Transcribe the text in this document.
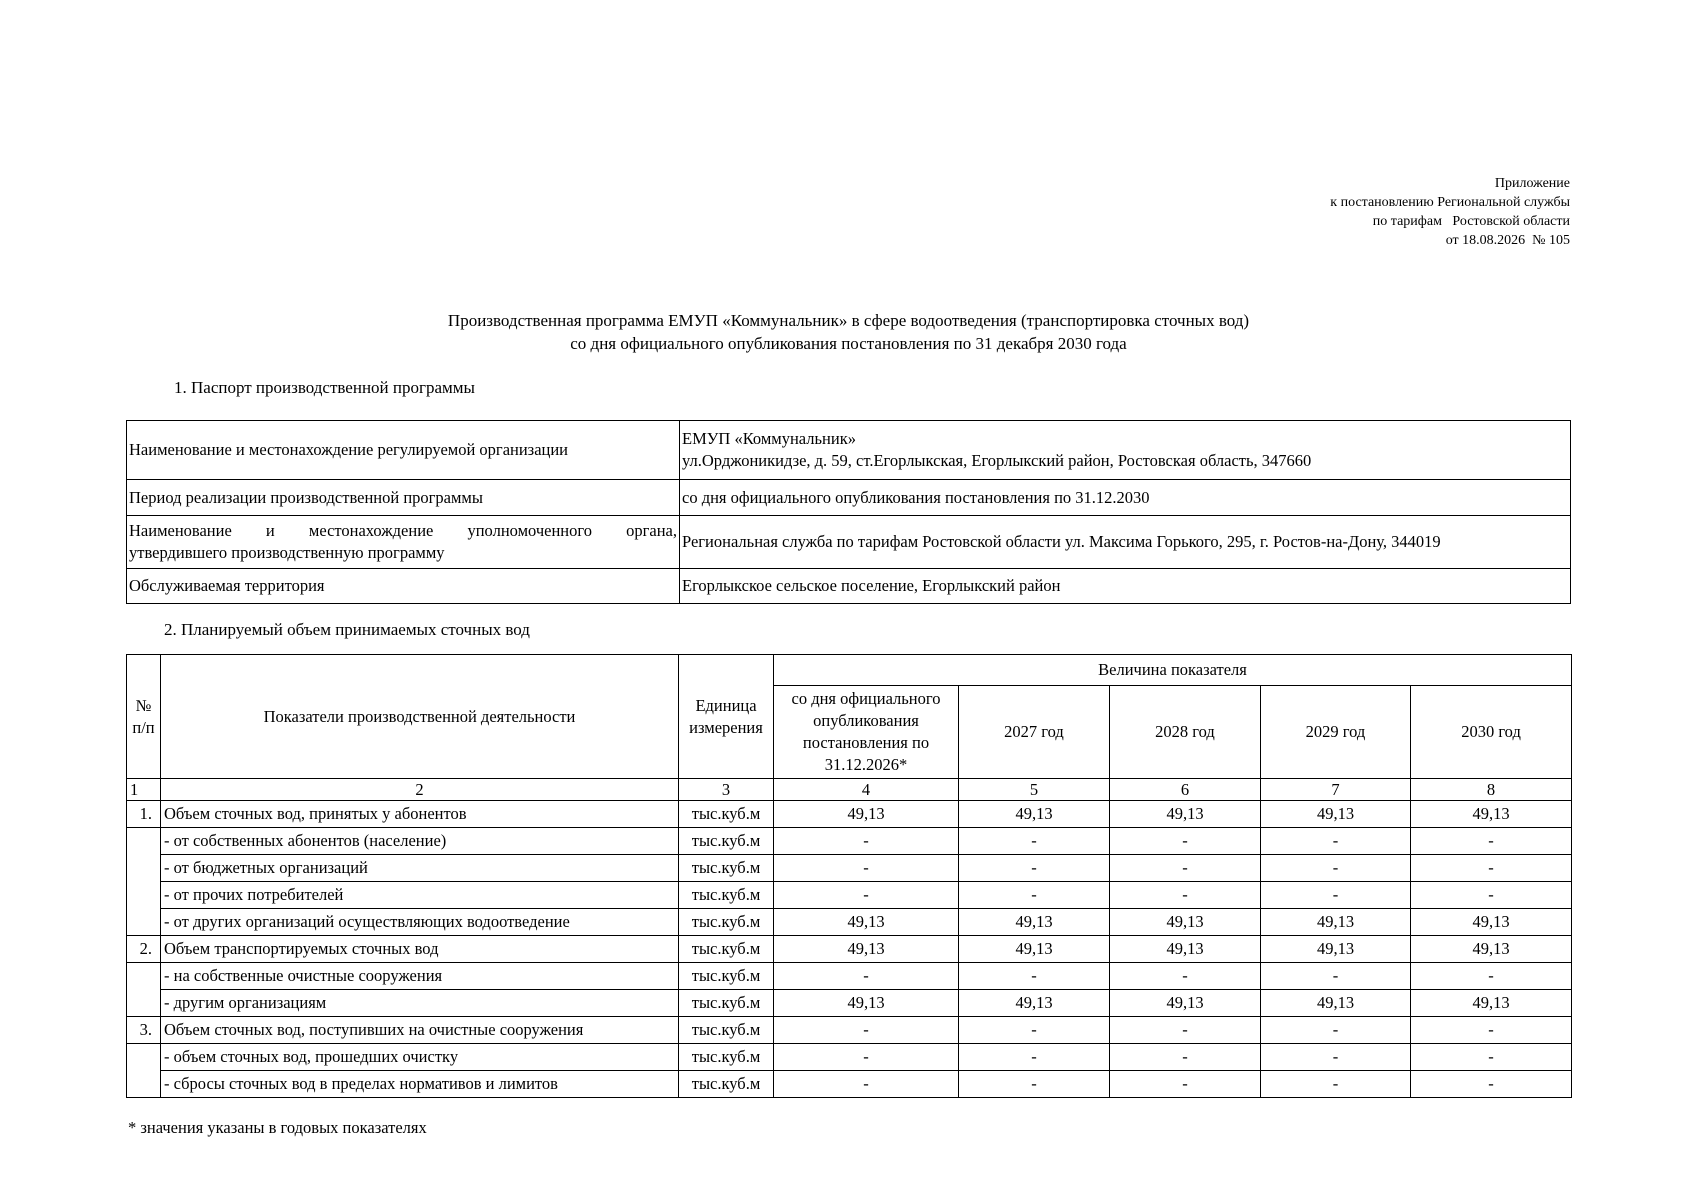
Приложение
к постановлению Региональной службы
по тарифам   Ростовской области
от 18.08.2026  № 105
Производственная программа ЕМУП «Коммунальник» в сфере водоотведения (транспортировка сточных вод)
со дня официального опубликования постановления по 31 декабря 2030 года
1. Паспорт производственной программы
Наименование и местонахождение регулируемой организации	ЕМУП «Коммунальник»
ул.Орджоникидзе, д. 59, ст.Егорлыкская, Егорлыкский район, Ростовская область, 347660

Период реализации производственной программы	со дня официального опубликования постановления по 31.12.2030

Наименование и местонахождение уполномоченного органа,
утвердившего производственную программу	Региональная служба по тарифам Ростовской области ул. Максима Горького, 295, г. Ростов-на-Дону, 344019
Обслуживаемая территория	Егорлыкское сельское поселение, Егорлыкский район
2. Планируемый объем принимаемых сточных вод
№ п/п	Показатели производственной деятельности	Единица измерения	Величина показателя				
			со дня официального опубликования постановления по 31.12.2026*	2027 год	2028 год	2029 год	2030 год
1	2	3	4	5	6	7	8
1.	Объем сточных вод, принятых у абонентов	тыс.куб.м	49,13	49,13	49,13	49,13	49,13
	- от собственных абонентов (население)	тыс.куб.м	-	-	-	-	-
	- от бюджетных организаций	тыс.куб.м	-	-	-	-	-
	- от прочих потребителей	тыс.куб.м	-	-	-	-	-
	- от других организаций осуществляющих водоотведение	тыс.куб.м	49,13	49,13	49,13	49,13	49,13
2.	Объем транспортируемых сточных вод	тыс.куб.м	49,13	49,13	49,13	49,13	49,13
	- на собственные очистные сооружения	тыс.куб.м	-	-	-	-	-
	- другим организациям	тыс.куб.м	49,13	49,13	49,13	49,13	49,13
3.	Объем сточных вод, поступивших на очистные сооружения	тыс.куб.м	-	-	-	-	-
	- объем сточных вод, прошедших очистку	тыс.куб.м	-	-	-	-	-
	- сбросы сточных вод в пределах нормативов и лимитов	тыс.куб.м	-	-	-	-	-
* значения указаны в годовых показателях
